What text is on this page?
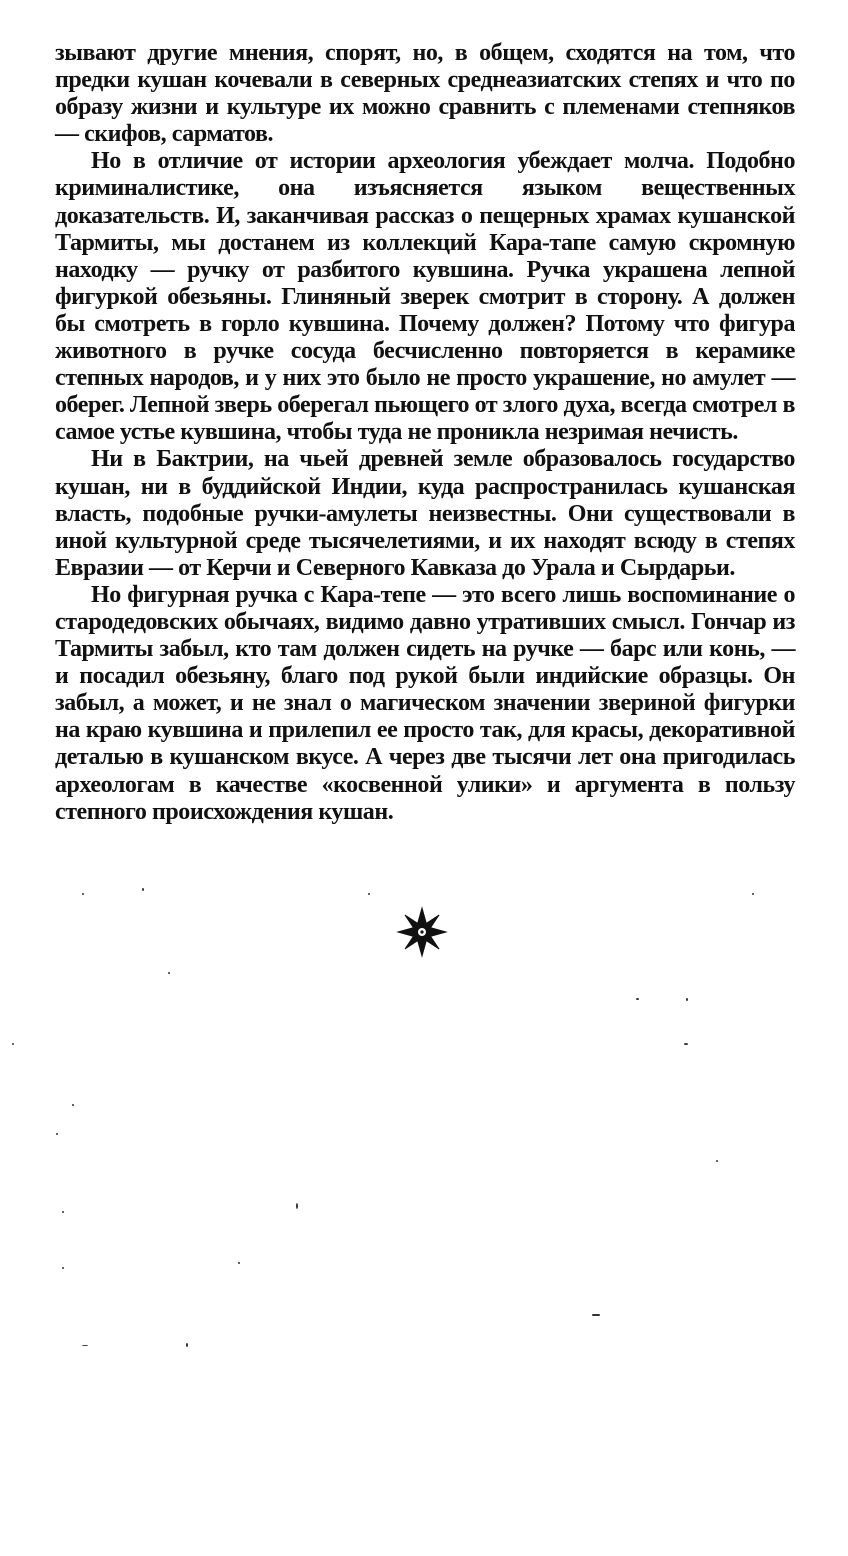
зывают другие мнения, спорят, но, в общем, сходятся на том, что предки кушан кочевали в северных среднеазиатских степях и что по образу жизни и культуре их можно сравнить с племенами степняков — скифов, сарматов.

Но в отличие от истории археология убеждает молча. Подобно криминалистике, она изъясняется языком вещественных доказательств. И, заканчивая рассказ о пещерных храмах кушанской Тармиты, мы достанем из коллекций Кара-тапе самую скромную находку — ручку от разбитого кувшина. Ручка украшена лепной фигуркой обезьяны. Глиняный зверек смотрит в сторону. А должен бы смотреть в горло кувшина. Почему должен? Потому что фигура животного в ручке сосуда бесчисленно повторяется в керамике степных народов, и у них это было не просто украшение, но амулет — оберег. Лепной зверь оберегал пьющего от злого духа, всегда смотрел в самое устье кувшина, чтобы туда не проникла незримая нечисть.

Ни в Бактрии, на чьей древней земле образовалось государство кушан, ни в буддийской Индии, куда распространилась кушанская власть, подобные ручки-амулеты неизвестны. Они существовали в иной культурной среде тысячелетиями, и их находят всюду в степях Евразии — от Керчи и Северного Кавказа до Урала и Сырдарьи.

Но фигурная ручка с Кара-тепе — это всего лишь воспоминание о стародедовских обычаях, видимо давно утративших смысл. Гончар из Тармиты забыл, кто там должен сидеть на ручке — барс или конь, — и посадил обезьяну, благо под рукой были индийские образцы. Он забыл, а может, и не знал о магическом значении звериной фигурки на краю кувшина и прилепил ее просто так, для красы, декоративной деталью в кушанском вкусе. А через две тысячи лет она пригодилась археологам в качестве «косвенной улики» и аргумента в пользу степного происхождения кушан.
